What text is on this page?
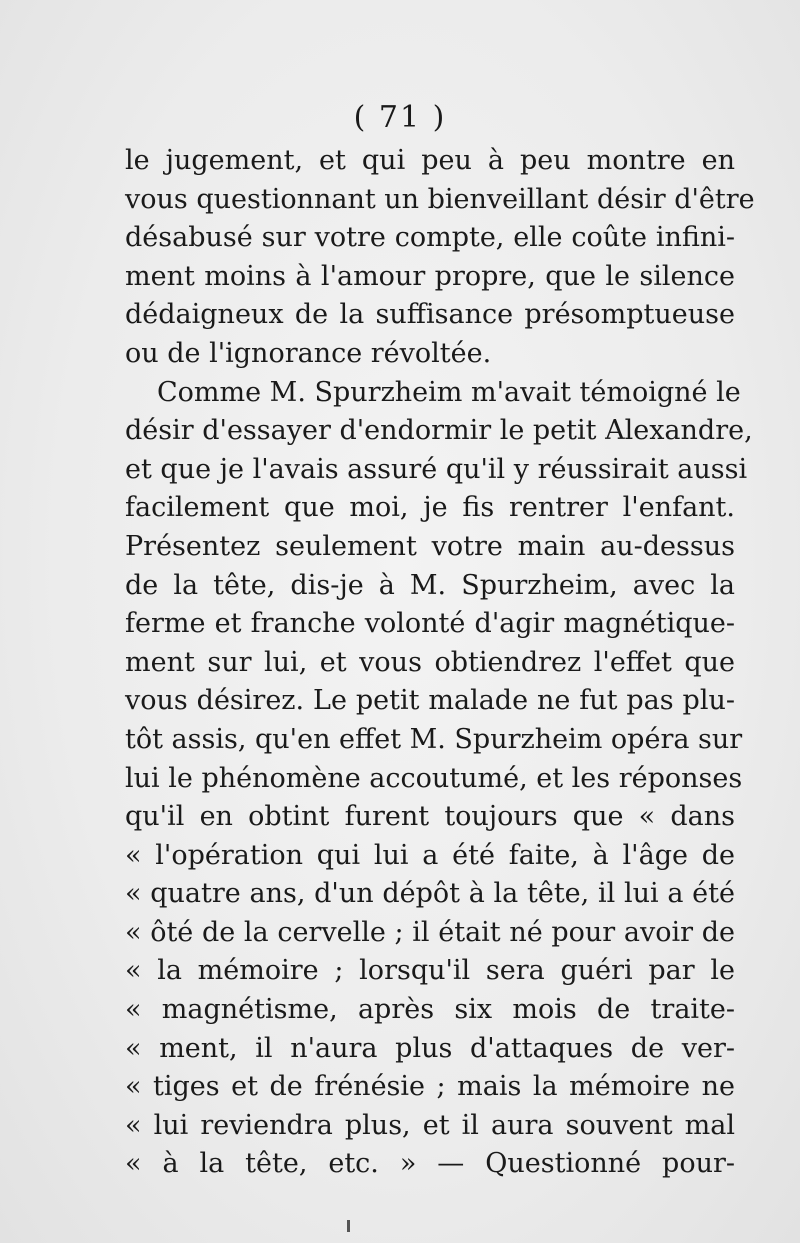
( 71 )
le jugement, et qui peu à peu montre en
vous questionnant un bienveillant désir d'être
désabusé sur votre compte, elle coûte infini-
ment moins à l'amour propre, que le silence
dédaigneux de la suffisance présomptueuse
ou de l'ignorance révoltée.
Comme M. Spurzheim m'avait témoigné le
désir d'essayer d'endormir le petit Alexandre,
et que je l'avais assuré qu'il y réussirait aussi
facilement que moi, je fis rentrer l'enfant.
Présentez seulement votre main au-dessus
de la tête, dis-je à M. Spurzheim, avec la
ferme et franche volonté d'agir magnétique-
ment sur lui, et vous obtiendrez l'effet que
vous désirez. Le petit malade ne fut pas plu-
tôt assis, qu'en effet M. Spurzheim opéra sur
lui le phénomène accoutumé, et les réponses
qu'il en obtint furent toujours que « dans
« l'opération qui lui a été faite, à l'âge de
« quatre ans, d'un dépôt à la tête, il lui a été
« ôté de la cervelle ; il était né pour avoir de
« la mémoire ; lorsqu'il sera guéri par le
« magnétisme, après six mois de traite-
« ment, il n'aura plus d'attaques de ver-
« tiges et de frénésie ; mais la mémoire ne
« lui reviendra plus, et il aura souvent mal
« à la tête, etc. » — Questionné pour-
